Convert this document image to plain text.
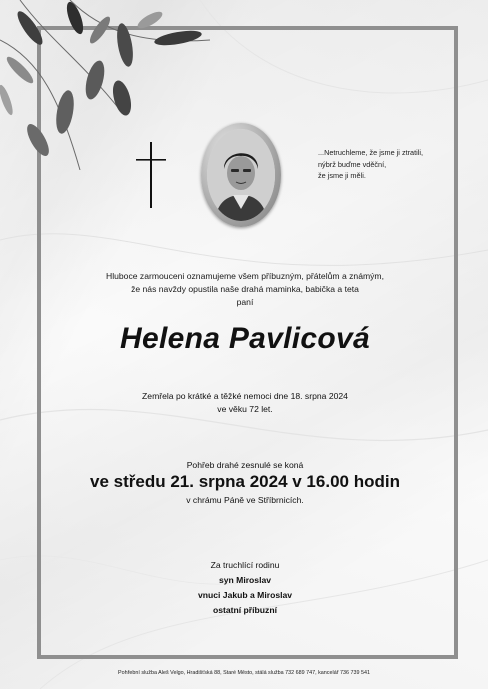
...Netruchleme, že jsme ji ztratili,
nýbrž buďme vděční,
že jsme ji měli.
Hluboce zarmouceni oznamujeme všem příbuzným, přátelům a známým,
že nás navždy opustila naše drahá maminka, babička a teta
paní
Helena Pavlicová
Zemřela po krátké a těžké nemoci dne 18. srpna 2024
ve věku 72 let.
Pohřeb drahé zesnulé se koná
ve středu 21. srpna 2024 v 16.00 hodin
v chrámu Páně ve Stříbrnicích.
Za truchlící rodinu
syn Miroslav
vnuci Jakub a Miroslav
ostatní příbuzní
Pohřební služba Aleš Velgo, Hradišťská 88, Staré Město, stálá služba 732 689 747, kancelář 736 739 541
